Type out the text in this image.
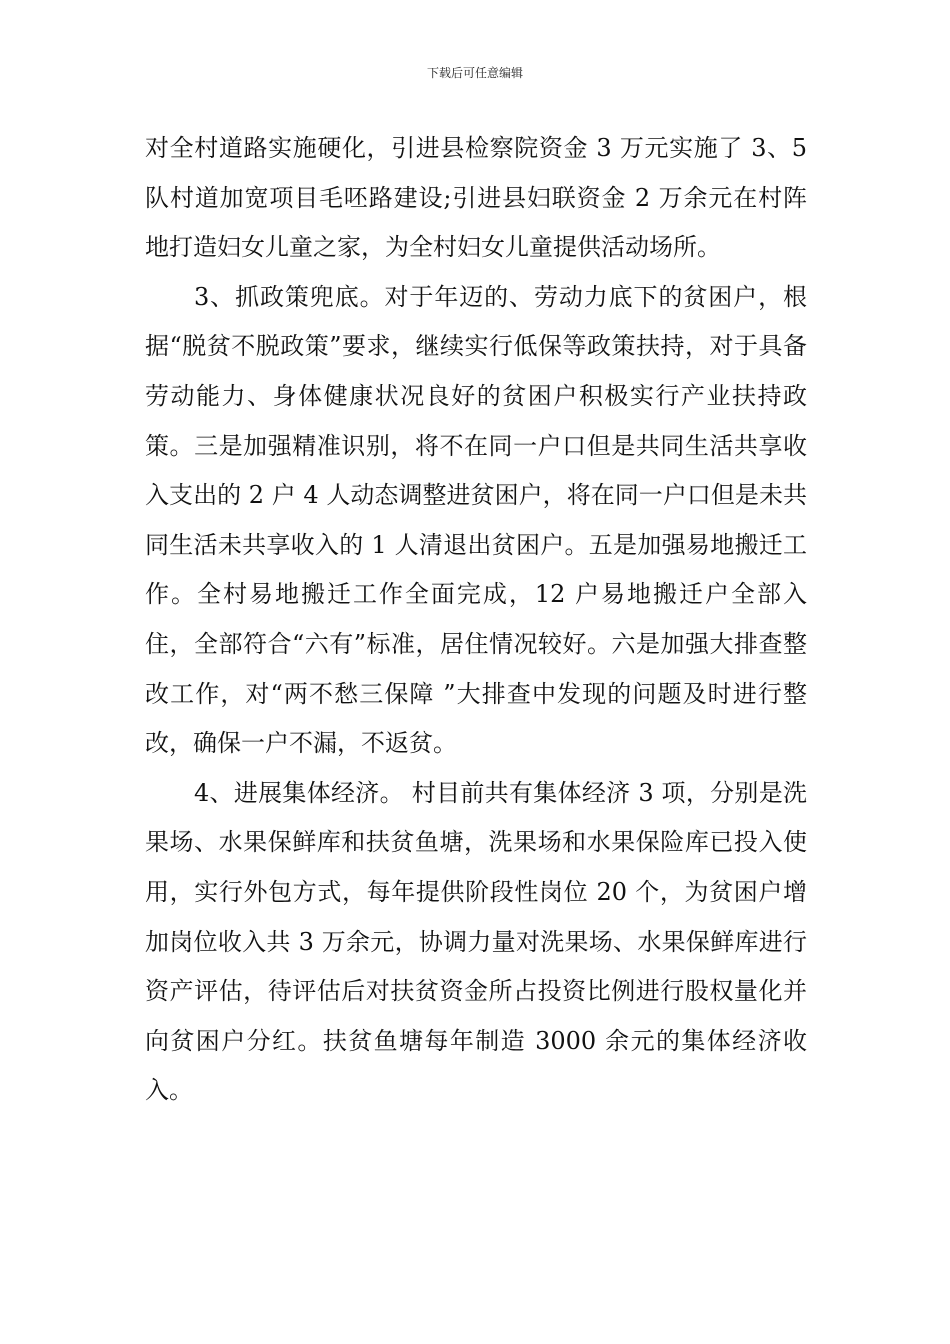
下载后可任意编辑

对全村道路实施硬化，引进县检察院资金 3 万元实施了 3、5 队村道加宽项目毛呸路建设;引进县妇联资金 2 万余元在村阵地打造妇女儿童之家，为全村妇女儿童提供活动场所。

3、抓政策兜底。对于年迈的、劳动力底下的贫困户，根据“脱贫不脱政策”要求，继续实行低保等政策扶持，对于具备劳动能力、身体健康状况良好的贫困户积极实行产业扶持政策。三是加强精准识别，将不在同一户口但是共同生活共享收入支出的 2 户 4 人动态调整进贫困户，将在同一户口但是未共同生活未共享收入的 1 人清退出贫困户。五是加强易地搬迁工作。全村易地搬迁工作全面完成，12 户易地搬迁户全部入住，全部符合“六有”标准，居住情况较好。六是加强大排查整改工作，对“两不愁三保障 ”大排查中发现的问题及时进行整改，确保一户不漏，不返贫。

4、进展集体经济。 村目前共有集体经济 3 项，分别是洗果场、水果保鲜库和扶贫鱼塘，洗果场和水果保险库已投入使用，实行外包方式，每年提供阶段性岗位 20 个，为贫困户增加岗位收入共 3 万余元，协调力量对洗果场、水果保鲜库进行资产评估，待评估后对扶贫资金所占投资比例进行股权量化并向贫困户分红。扶贫鱼塘每年制造 3000 余元的集体经济收入。
